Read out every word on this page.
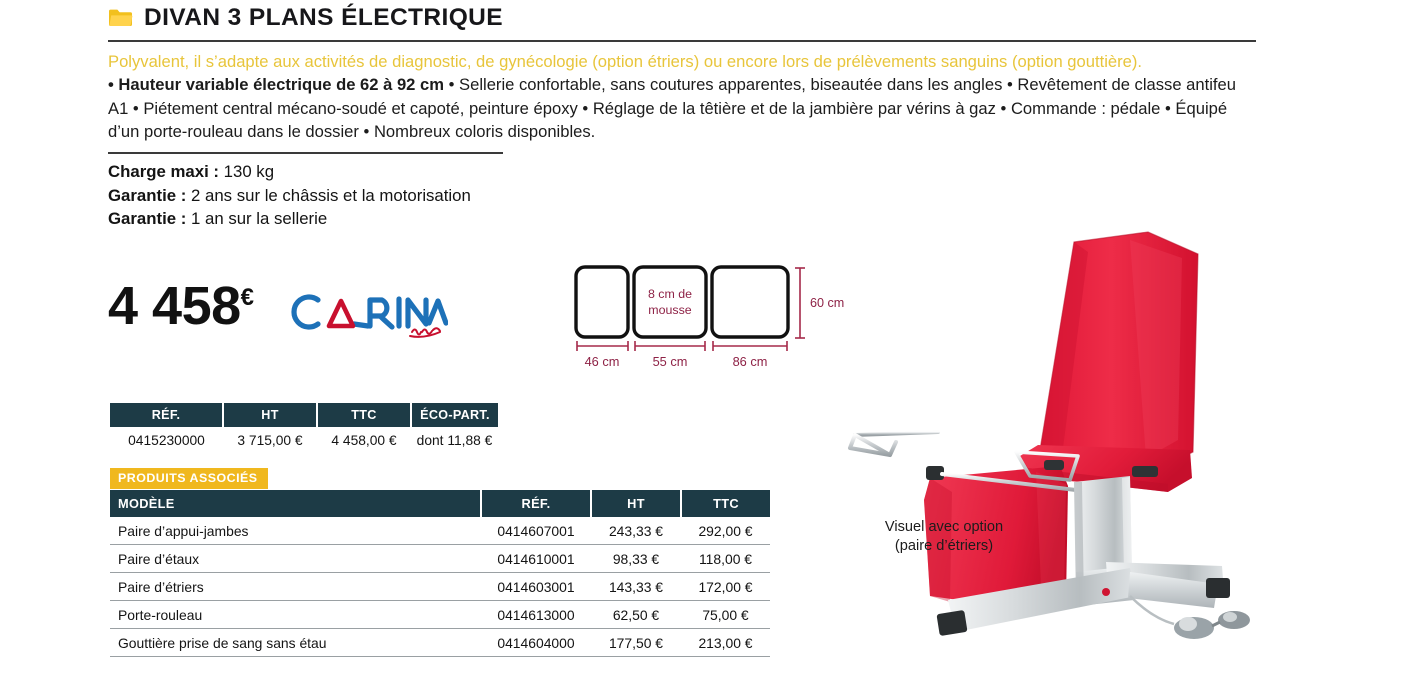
DIVAN 3 PLANS ÉLECTRIQUE
Polyvalent, il s’adapte aux activités de diagnostic, de gynécologie (option étriers) ou encore lors de prélèvements sanguins (option gouttière).
• Hauteur variable électrique de 62 à 92 cm • Sellerie confortable, sans coutures apparentes, biseautée dans les angles • Revêtement de classe antifeu A1 • Piétement central mécano-soudé et capoté, peinture époxy • Réglage de la têtière et de la jambière par vérins à gaz • Commande : pédale • Équipé d’un porte-rouleau dans le dossier • Nombreux coloris disponibles.
Charge maxi : 130 kg
Garantie : 2 ans sur le châssis et la motorisation
Garantie : 1 an sur la sellerie
4 458€	8 cm de
mousse	60 cm
46 cm	55 cm	86 cm
RÉF.	HT	TTC	ÉCO-PART.
0415230000	3 715,00 €	4 458,00 €	dont 11,88 €
PRODUITS ASSOCIÉS
MODÈLE	RÉF.	HT	TTC
Paire d’appui-jambes	0414607001	243,33 €	292,00 €
Paire d’étaux	0414610001	98,33 €	118,00 €
Paire d’étriers	0414603001	143,33 €	172,00 €
Porte-rouleau	0414613000	62,50 €	75,00 €
Gouttière prise de sang sans étau	0414604000	177,50 €	213,00 €
Visuel avec option
(paire d’étriers)
